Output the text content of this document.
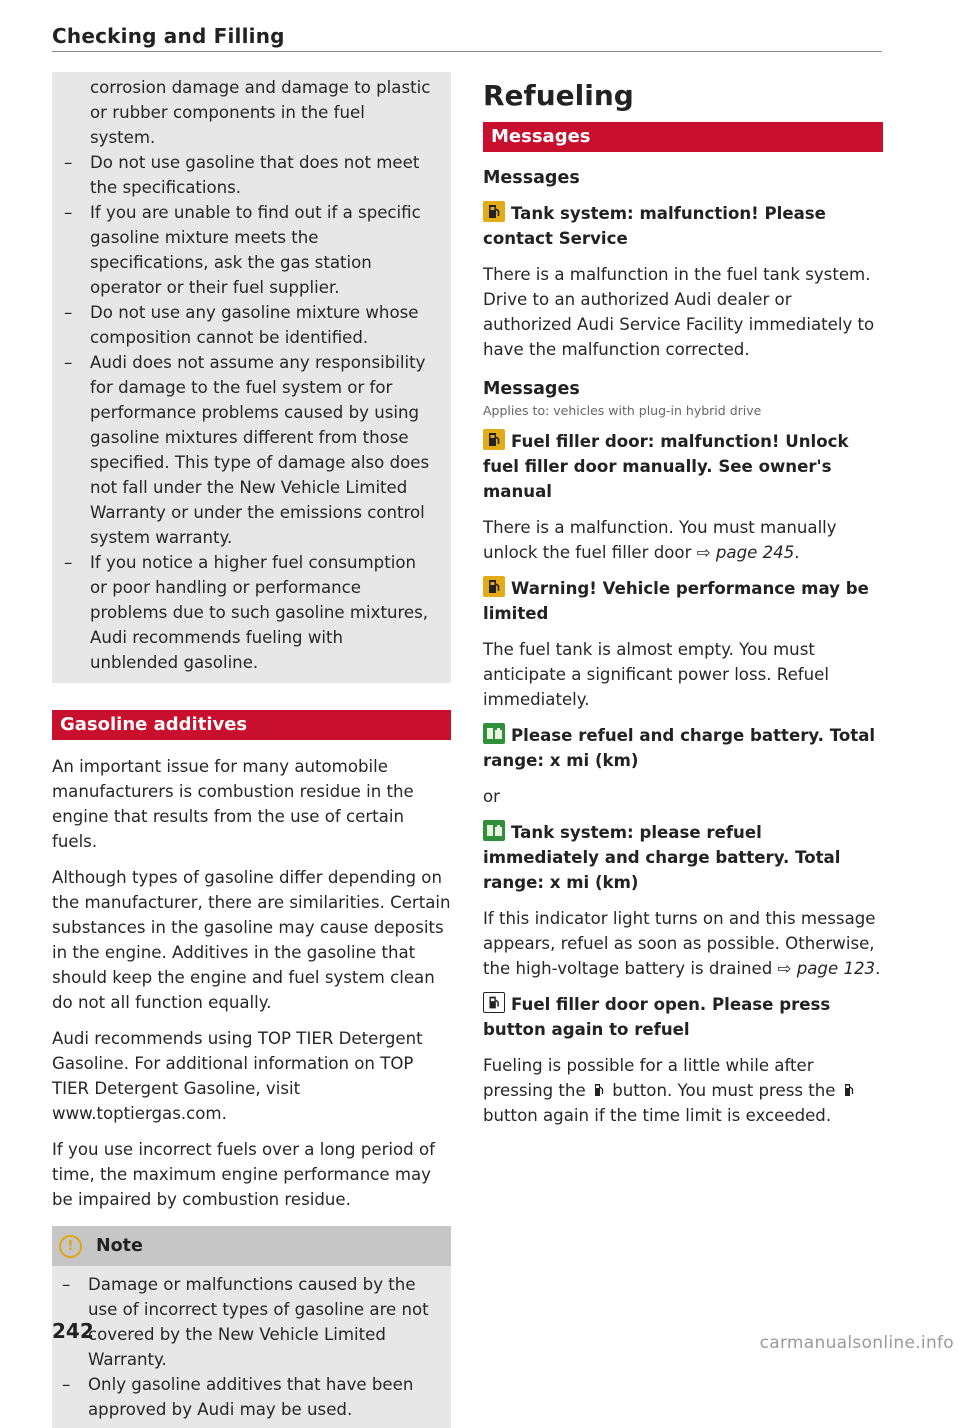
Checking and Filling

corrosion damage and damage to plastic or rubber components in the fuel system.

– Do not use gasoline that does not meet the specifications.

– If you are unable to find out if a specific gasoline mixture meets the specifications, ask the gas station operator or their fuel supplier.

– Do not use any gasoline mixture whose composition cannot be identified.

– Audi does not assume any responsibility for damage to the fuel system or for performance problems caused by using gasoline mixtures different from those specified. This type of damage also does not fall under the New Vehicle Limited Warranty or under the emissions control system warranty.

– If you notice a higher fuel consumption or poor handling or performance problems due to such gasoline mixtures, Audi recommends fueling with unblended gasoline.

Gasoline additives

An important issue for many automobile manufacturers is combustion residue in the engine that results from the use of certain fuels.

Although types of gasoline differ depending on the manufacturer, there are similarities. Certain substances in the gasoline may cause deposits in the engine. Additives in the gasoline that should keep the engine and fuel system clean do not all function equally.

Audi recommends using TOP TIER Detergent Gasoline. For additional information on TOP TIER Detergent Gasoline, visit www.toptiergas.com.

If you use incorrect fuels over a long period of time, the maximum engine performance may be impaired by combustion residue.

!	Note

– Damage or malfunctions caused by the use of incorrect types of gasoline are not covered by the New Vehicle Limited Warranty.

– Only gasoline additives that have been approved by Audi may be used.

242
Refueling
Messages

Messages

Tank system: malfunction! Please contact Service

There is a malfunction in the fuel tank system. Drive to an authorized Audi dealer or authorized Audi Service Facility immediately to have the malfunction corrected.

Messages

Applies to: vehicles with plug-in hybrid drive

Fuel filler door: malfunction! Unlock fuel filler door manually. See owner's manual

There is a malfunction. You must manually unlock the fuel filler door ⇨ page 245.

Warning! Vehicle performance may be limited

The fuel tank is almost empty. You must anticipate a significant power loss. Refuel immediately.

Please refuel and charge battery. Total range: x mi (km)

or

Tank system: please refuel immediately and charge battery. Total range: x mi (km)

If this indicator light turns on and this message appears, refuel as soon as possible. Otherwise, the high-voltage battery is drained ⇨ page 123.

Fuel filler door open. Please press button again to refuel

Fueling is possible for a little while after pressing the button. You must press the  button again if the time limit is exceeded.

carmanualsonline.info
